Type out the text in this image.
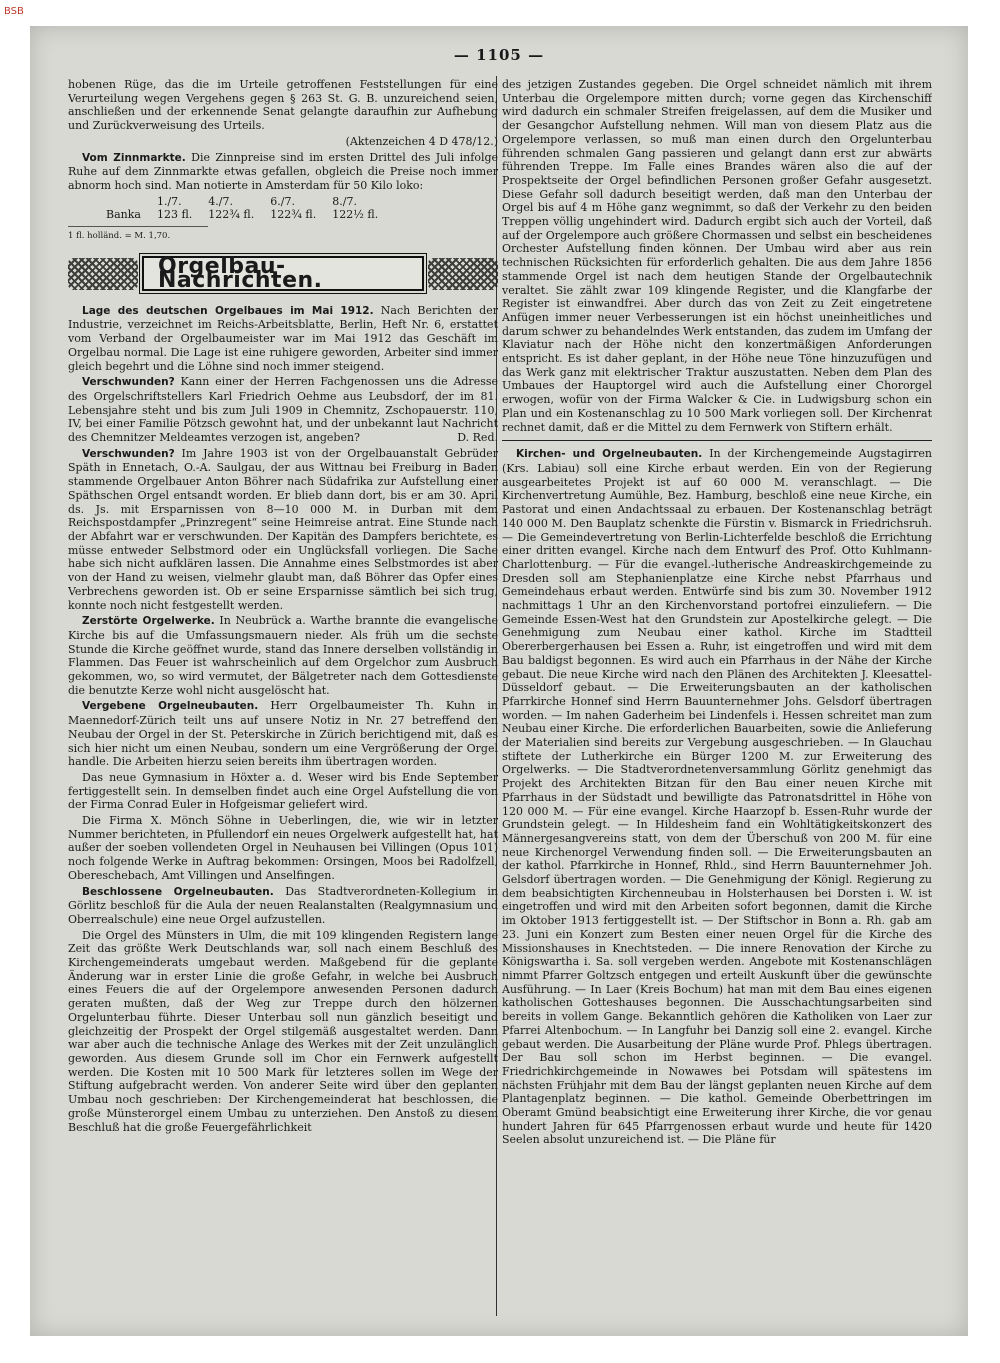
BSB
— 1105 —

hobenen Rüge, das die im Urteile getroffenen Feststellungen für eine Verurteilung wegen Vergehens gegen § 263 St. G. B. unzureichend seien, anschließen und der erkennende Senat gelangte daraufhin zur Aufhebung und Zurückverweisung des Urteils.

(Aktenzeichen 4 D 478/12.)

Vom Zinnmarkte. Die Zinnpreise sind im ersten Drittel des Juli infolge Ruhe auf dem Zinnmarkte etwas gefallen, obgleich die Preise noch immer abnorm hoch sind. Man notierte in Amsterdam für 50 Kilo loko:

	1./7.	4./7.	6./7.	8./7.
Banka	123 fl.	122¾ fl.	122¾ fl.	122½ fl.
1 fl. holländ. = M. 1,70.
Orgelbau-Nachrichten.

Lage des deutschen Orgelbaues im Mai 1912. Nach Berichten der Industrie, verzeichnet im Reichs-Arbeitsblatte, Berlin, Heft Nr. 6, erstattet vom Verband der Orgelbaumeister war im Mai 1912 das Geschäft im Orgelbau normal. Die Lage ist eine ruhigere geworden, Arbeiter sind immer gleich begehrt und die Löhne sind noch immer steigend.

Verschwunden? Kann einer der Herren Fachgenossen uns die Adresse des Orgelschriftstellers Karl Friedrich Oehme aus Leubsdorf, der im 81. Lebensjahre steht und bis zum Juli 1909 in Chemnitz, Zschopauerstr. 110, IV, bei einer Familie Pötzsch gewohnt hat, und der unbekannt laut Nachricht des Chemnitzer Meldeamtes verzogen ist, angeben?	D. Red.

Verschwunden? Im Jahre 1903 ist von der Orgelbauanstalt Gebrüder Späth in Ennetach, O.-A. Saulgau, der aus Wittnau bei Freiburg in Baden stammende Orgelbauer Anton Böhrer nach Südafrika zur Aufstellung einer Späthschen Orgel entsandt worden. Er blieb dann dort, bis er am 30. April ds. Js. mit Ersparnissen von 8—10 000 M. in Durban mit dem Reichspostdampfer „Prinzregent“ seine Heimreise antrat. Eine Stunde nach der Abfahrt war er verschwunden. Der Kapitän des Dampfers berichtete, es müsse entweder Selbstmord oder ein Unglücksfall vorliegen. Die Sache habe sich nicht aufklären lassen. Die Annahme eines Selbstmordes ist aber von der Hand zu weisen, vielmehr glaubt man, daß Böhrer das Opfer eines Verbrechens geworden ist. Ob er seine Ersparnisse sämtlich bei sich trug, konnte noch nicht festgestellt werden.

Zerstörte Orgelwerke. In Neubrück a. Warthe brannte die evangelische Kirche bis auf die Umfassungsmauern nieder. Als früh um die sechste Stunde die Kirche geöffnet wurde, stand das Innere derselben vollständig in Flammen. Das Feuer ist wahrscheinlich auf dem Orgelchor zum Ausbruch gekommen, wo, so wird vermutet, der Bälgetreter nach dem Gottesdienste die benutzte Kerze wohl nicht ausgelöscht hat.

Vergebene Orgelneubauten. Herr Orgelbaumeister Th. Kuhn in Maennedorf-Zürich teilt uns auf unsere Notiz in Nr. 27 betreffend den Neubau der Orgel in der St. Peterskirche in Zürich berichtigend mit, daß es sich hier nicht um einen Neubau, sondern um eine Vergrößerung der Orgel handle. Die Arbeiten hierzu seien bereits ihm übertragen worden.

Das neue Gymnasium in Höxter a. d. Weser wird bis Ende September fertiggestellt sein. In demselben findet auch eine Orgel Aufstellung die von der Firma Conrad Euler in Hofgeismar geliefert wird.

Die Firma X. Mönch Söhne in Ueberlingen, die, wie wir in letzter Nummer berichteten, in Pfullendorf ein neues Orgelwerk aufgestellt hat, hat außer der soeben vollendeten Orgel in Neuhausen bei Villingen (Opus 101) noch folgende Werke in Auftrag bekommen: Orsingen, Moos bei Radolfzell, Obereschebach, Amt Villingen und Anselfingen.

Beschlossene Orgelneubauten. Das Stadtverordneten-Kollegium in Görlitz beschloß für die Aula der neuen Realanstalten (Realgymnasium und Oberrealschule) eine neue Orgel aufzustellen.

Die Orgel des Münsters in Ulm, die mit 109 klingenden Registern lange Zeit das größte Werk Deutschlands war, soll nach einem Beschluß des Kirchengemeinderats umgebaut werden. Maßgebend für die geplante Änderung war in erster Linie die große Gefahr, in welche bei Ausbruch eines Feuers die auf der Orgelempore anwesenden Personen dadurch geraten mußten, daß der Weg zur Treppe durch den hölzernen Orgelunterbau führte. Dieser Unterbau soll nun gänzlich beseitigt und gleichzeitig der Prospekt der Orgel stilgemäß ausgestaltet werden. Dann war aber auch die technische Anlage des Werkes mit der Zeit unzulänglich geworden. Aus diesem Grunde soll im Chor ein Fernwerk aufgestellt werden. Die Kosten mit 10 500 Mark für letzteres sollen im Wege der Stiftung aufgebracht werden. Von anderer Seite wird über den geplanten Umbau noch geschrieben: Der Kirchengemeinderat hat beschlossen, die große Münsterorgel einem Umbau zu unterziehen. Den Anstoß zu diesem Beschluß hat die große Feuergefährlichkeit

des jetzigen Zustandes gegeben. Die Orgel schneidet nämlich mit ihrem Unterbau die Orgelempore mitten durch; vorne gegen das Kirchenschiff wird dadurch ein schmaler Streifen freigelassen, auf dem die Musiker und der Gesangchor Aufstellung nehmen. Will man von diesem Platz aus die Orgelempore verlassen, so muß man einen durch den Orgelunterbau führenden schmalen Gang passieren und gelangt dann erst zur abwärts führenden Treppe. Im Falle eines Brandes wären also die auf der Prospektseite der Orgel befindlichen Personen großer Gefahr ausgesetzt. Diese Gefahr soll dadurch beseitigt werden, daß man den Unterbau der Orgel bis auf 4 m Höhe ganz wegnimmt, so daß der Verkehr zu den beiden Treppen völlig ungehindert wird. Dadurch ergibt sich auch der Vorteil, daß auf der Orgelempore auch größere Chormassen und selbst ein bescheidenes Orchester Aufstellung finden können. Der Umbau wird aber aus rein technischen Rücksichten für erforderlich gehalten. Die aus dem Jahre 1856 stammende Orgel ist nach dem heutigen Stande der Orgelbautechnik veraltet. Sie zählt zwar 109 klingende Register, und die Klangfarbe der Register ist einwandfrei. Aber durch das von Zeit zu Zeit eingetretene Anfügen immer neuer Verbesserungen ist ein höchst uneinheitliches und darum schwer zu behandelndes Werk entstanden, das zudem im Umfang der Klaviatur nach der Höhe nicht den konzertmäßigen Anforderungen entspricht. Es ist daher geplant, in der Höhe neue Töne hinzuzufügen und das Werk ganz mit elektrischer Traktur auszustatten. Neben dem Plan des Umbaues der Hauptorgel wird auch die Aufstellung einer Chororgel erwogen, wofür von der Firma Walcker & Cie. in Ludwigsburg schon ein Plan und ein Kostenanschlag zu 10 500 Mark vorliegen soll. Der Kirchenrat rechnet damit, daß er die Mittel zu dem Fernwerk von Stiftern erhält.

Kirchen- und Orgelneubauten. In der Kirchengemeinde Augstagirren (Krs. Labiau) soll eine Kirche erbaut werden. Ein von der Regierung ausgearbeitetes Projekt ist auf 60 000 M. veranschlagt. — Die Kirchenvertretung Aumühle, Bez. Hamburg, beschloß eine neue Kirche, ein Pastorat und einen Andachtssaal zu erbauen. Der Kostenanschlag beträgt 140 000 M. Den Bauplatz schenkte die Fürstin v. Bismarck in Friedrichsruh. — Die Gemeindevertretung von Berlin-Lichterfelde beschloß die Errichtung einer dritten evangel. Kirche nach dem Entwurf des Prof. Otto Kuhlmann-Charlottenburg. — Für die evangel.-lutherische Andreaskirchgemeinde zu Dresden soll am Stephanienplatze eine Kirche nebst Pfarrhaus und Gemeindehaus erbaut werden. Entwürfe sind bis zum 30. November 1912 nachmittags 1 Uhr an den Kirchenvorstand portofrei einzuliefern. — Die Gemeinde Essen-West hat den Grundstein zur Apostelkirche gelegt. — Die Genehmigung zum Neubau einer kathol. Kirche im Stadtteil Obererbergerhausen bei Essen a. Ruhr, ist eingetroffen und wird mit dem Bau baldigst begonnen. Es wird auch ein Pfarrhaus in der Nähe der Kirche gebaut. Die neue Kirche wird nach den Plänen des Architekten J. Kleesattel-Düsseldorf gebaut. — Die Erweiterungsbauten an der katholischen Pfarrkirche Honnef sind Herrn Bauunternehmer Johs. Gelsdorf übertragen worden. — Im nahen Gaderheim bei Lindenfels i. Hessen schreitet man zum Neubau einer Kirche. Die erforderlichen Bauarbeiten, sowie die Anlieferung der Materialien sind bereits zur Vergebung ausgeschrieben. — In Glauchau stiftete der Lutherkirche ein Bürger 1200 M. zur Erweiterung des Orgelwerks. — Die Stadtverordnetenversammlung Görlitz genehmigt das Projekt des Architekten Bitzan für den Bau einer neuen Kirche mit Pfarrhaus in der Südstadt und bewilligte das Patronatsdrittel in Höhe von 120 000 M. — Für eine evangel. Kirche Haarzopf b. Essen-Ruhr wurde der Grundstein gelegt. — In Hildesheim fand ein Wohltätigkeitskonzert des Männergesangvereins statt, von dem der Überschuß von 200 M. für eine neue Kirchenorgel Verwendung finden soll. — Die Erweiterungsbauten an der kathol. Pfarrkirche in Honnef, Rhld., sind Herrn Bauunternehmer Joh. Gelsdorf übertragen worden. — Die Genehmigung der Königl. Regierung zu dem beabsichtigten Kirchenneubau in Holsterhausen bei Dorsten i. W. ist eingetroffen und wird mit den Arbeiten sofort begonnen, damit die Kirche im Oktober 1913 fertiggestellt ist. — Der Stiftschor in Bonn a. Rh. gab am 23. Juni ein Konzert zum Besten einer neuen Orgel für die Kirche des Missionshauses in Knechtsteden. — Die innere Renovation der Kirche zu Königswartha i. Sa. soll vergeben werden. Angebote mit Kostenanschlägen nimmt Pfarrer Goltzsch entgegen und erteilt Auskunft über die gewünschte Ausführung. — In Laer (Kreis Bochum) hat man mit dem Bau eines eigenen katholischen Gotteshauses begonnen. Die Ausschachtungsarbeiten sind bereits in vollem Gange. Bekanntlich gehören die Katholiken von Laer zur Pfarrei Altenbochum. — In Langfuhr bei Danzig soll eine 2. evangel. Kirche gebaut werden. Die Ausarbeitung der Pläne wurde Prof. Phlegs übertragen. Der Bau soll schon im Herbst beginnen. — Die evangel. Friedrichkirchgemeinde in Nowawes bei Potsdam will spätestens im nächsten Frühjahr mit dem Bau der längst geplanten neuen Kirche auf dem Plantagenplatz beginnen. — Die kathol. Gemeinde Oberbettringen im Oberamt Gmünd beabsichtigt eine Erweiterung ihrer Kirche, die vor genau hundert Jahren für 645 Pfarrgenossen erbaut wurde und heute für 1420 Seelen absolut unzureichend ist. — Die Pläne für
